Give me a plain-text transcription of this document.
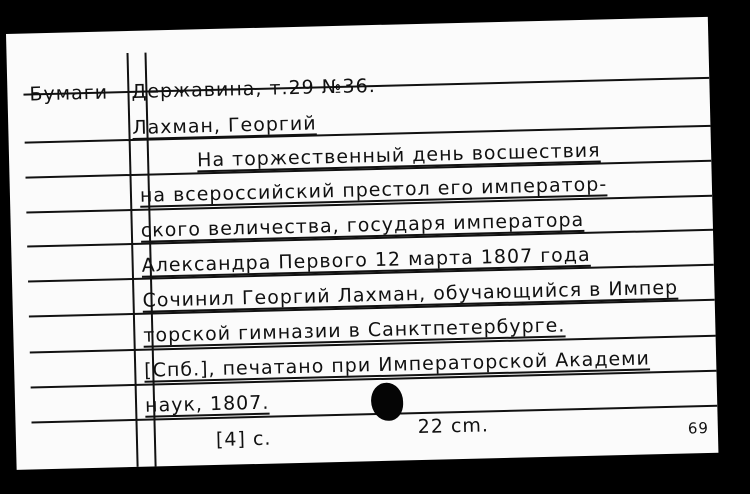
Бумаги Державина, т.29 №36.
Лахман, Георгий
На торжественный день восшествия
на всероссийский престол его император-
ского величества, государя императора
Александра Первого 12 марта 1807 года
Сочинил Георгий Лахман, обучающийся в Импер
торской гимназии в Санктпетербурге.
[Спб.], печатано при Императорской Академи
наук, 1807.
[4] с.
22 cm.	69
